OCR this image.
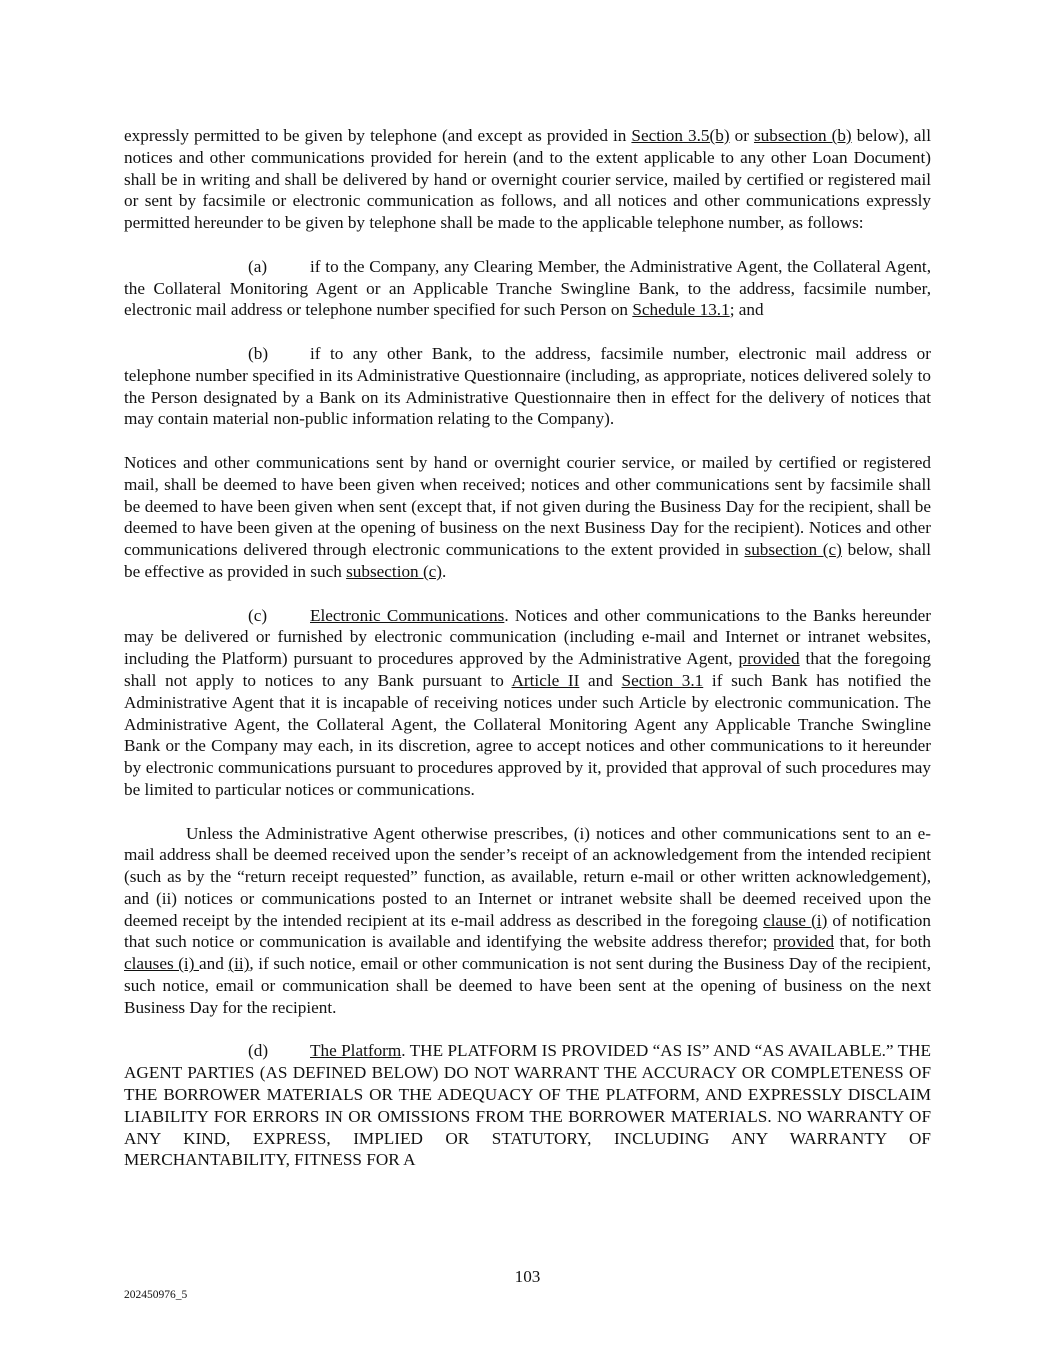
expressly permitted to be given by telephone (and except as provided in Section 3.5(b) or subsection (b) below), all notices and other communications provided for herein (and to the extent applicable to any other Loan Document) shall be in writing and shall be delivered by hand or overnight courier service, mailed by certified or registered mail or sent by facsimile or electronic communication as follows, and all notices and other communications expressly permitted hereunder to be given by telephone shall be made to the applicable telephone number, as follows:

(a) if to the Company, any Clearing Member, the Administrative Agent, the Collateral Agent, the Collateral Monitoring Agent or an Applicable Tranche Swingline Bank, to the address, facsimile number, electronic mail address or telephone number specified for such Person on Schedule 13.1; and

(b) if to any other Bank, to the address, facsimile number, electronic mail address or telephone number specified in its Administrative Questionnaire (including, as appropriate, notices delivered solely to the Person designated by a Bank on its Administrative Questionnaire then in effect for the delivery of notices that may contain material non-public information relating to the Company).

Notices and other communications sent by hand or overnight courier service, or mailed by certified or registered mail, shall be deemed to have been given when received; notices and other communications sent by facsimile shall be deemed to have been given when sent (except that, if not given during the Business Day for the recipient, shall be deemed to have been given at the opening of business on the next Business Day for the recipient). Notices and other communications delivered through electronic communications to the extent provided in subsection (c) below, shall be effective as provided in such subsection (c).

(c) Electronic Communications. Notices and other communications to the Banks hereunder may be delivered or furnished by electronic communication (including e-mail and Internet or intranet websites, including the Platform) pursuant to procedures approved by the Administrative Agent, provided that the foregoing shall not apply to notices to any Bank pursuant to Article II and Section 3.1 if such Bank has notified the Administrative Agent that it is incapable of receiving notices under such Article by electronic communication. The Administrative Agent, the Collateral Agent, the Collateral Monitoring Agent any Applicable Tranche Swingline Bank or the Company may each, in its discretion, agree to accept notices and other communications to it hereunder by electronic communications pursuant to procedures approved by it, provided that approval of such procedures may be limited to particular notices or communications.

Unless the Administrative Agent otherwise prescribes, (i) notices and other communications sent to an e-mail address shall be deemed received upon the sender’s receipt of an acknowledgement from the intended recipient (such as by the “return receipt requested” function, as available, return e-mail or other written acknowledgement), and (ii) notices or communications posted to an Internet or intranet website shall be deemed received upon the deemed receipt by the intended recipient at its e-mail address as described in the foregoing clause (i) of notification that such notice or communication is available and identifying the website address therefor; provided that, for both clauses (i) and (ii), if such notice, email or other communication is not sent during the Business Day of the recipient, such notice, email or communication shall be deemed to have been sent at the opening of business on the next Business Day for the recipient.

(d) The Platform. THE PLATFORM IS PROVIDED “AS IS” AND “AS AVAILABLE.” THE AGENT PARTIES (AS DEFINED BELOW) DO NOT WARRANT THE ACCURACY OR COMPLETENESS OF THE BORROWER MATERIALS OR THE ADEQUACY OF THE PLATFORM, AND EXPRESSLY DISCLAIM LIABILITY FOR ERRORS IN OR OMISSIONS FROM THE BORROWER MATERIALS. NO WARRANTY OF ANY KIND, EXPRESS, IMPLIED OR STATUTORY, INCLUDING ANY WARRANTY OF MERCHANTABILITY, FITNESS FOR A

103
202450976_5
